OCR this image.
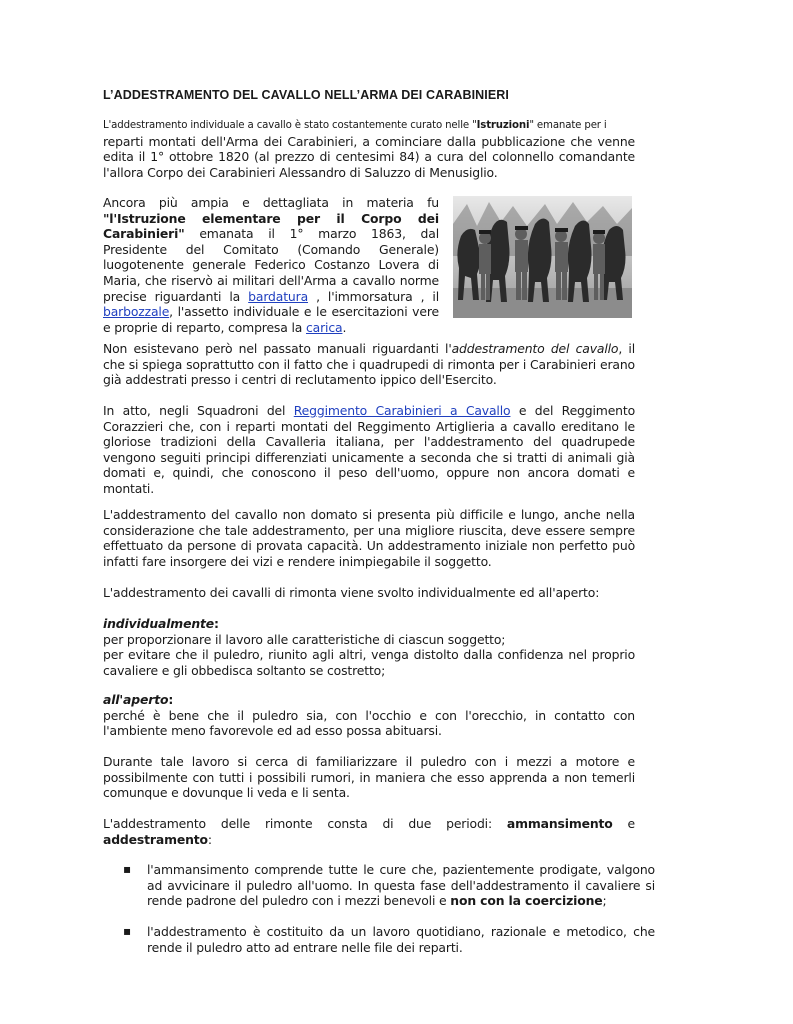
L’ADDESTRAMENTO DEL CAVALLO NELL’ARMA DEI CARABINIERI
L'addestramento individuale a cavallo è stato costantemente curato nelle "Istruzioni" emanate per i
reparti montati dell'Arma dei Carabinieri, a cominciare dalla pubblicazione che venne edita il 1° ottobre 1820 (al prezzo di centesimi 84) a cura del colonnello comandante l'allora Corpo dei Carabinieri Alessandro di Saluzzo di Menusiglio.
Ancora più ampia e dettagliata in materia fu "l'Istruzione elementare per il Corpo dei Carabinieri" emanata il 1° marzo 1863, dal Presidente del Comitato (Comando Generale) luogotenente generale Federico Costanzo Lovera di Maria, che riservò ai militari dell'Arma a cavallo norme precise riguardanti la bardatura , l'immorsatura , il barbozzale, l'assetto individuale e le esercitazioni vere e proprie di reparto, compresa la carica.
Non esistevano però nel passato manuali riguardanti l'addestramento del cavallo, il che si spiega soprattutto con il fatto che i quadrupedi di rimonta per i Carabinieri erano già addestrati presso i centri di reclutamento ippico dell'Esercito.
In atto, negli Squadroni del Reggimento Carabinieri a Cavallo e del Reggimento Corazzieri che, con i reparti montati del Reggimento Artiglieria a cavallo ereditano le gloriose tradizioni della Cavalleria italiana, per l'addestramento del quadrupede vengono seguiti principi differenziati unicamente a seconda che si tratti di animali già domati e, quindi, che conoscono il peso dell'uomo, oppure non ancora domati e montati.
L'addestramento del cavallo non domato si presenta più difficile e lungo, anche nella considerazione che tale addestramento, per una migliore riuscita, deve essere sempre effettuato da persone di provata capacità. Un addestramento iniziale non perfetto può infatti fare insorgere dei vizi e rendere inimpiegabile il soggetto.
L'addestramento dei cavalli di rimonta viene svolto individualmente ed all'aperto:
individualmente:
per proporzionare il lavoro alle caratteristiche di ciascun soggetto;
per evitare che il puledro, riunito agli altri, venga distolto dalla confidenza nel proprio cavaliere e gli obbedisca soltanto se costretto;
all'aperto:
perché è bene che il puledro sia, con l'occhio e con l'orecchio, in contatto con l'ambiente meno favorevole ed ad esso possa abituarsi.
Durante tale lavoro si cerca di familiarizzare il puledro con i mezzi a motore e possibilmente con tutti i possibili rumori, in maniera che esso apprenda a non temerli comunque e dovunque li veda e li senta.
L'addestramento delle rimonte consta di due periodi: ammansimento e addestramento:
▪ l'ammansimento comprende tutte le cure che, pazientemente prodigate, valgono ad avvicinare il puledro all'uomo. In questa fase dell'addestramento il cavaliere si rende padrone del puledro con i mezzi benevoli e non con la coercizione;
▪ l'addestramento è costituito da un lavoro quotidiano, razionale e metodico, che rende il puledro atto ad entrare nelle file dei reparti.
